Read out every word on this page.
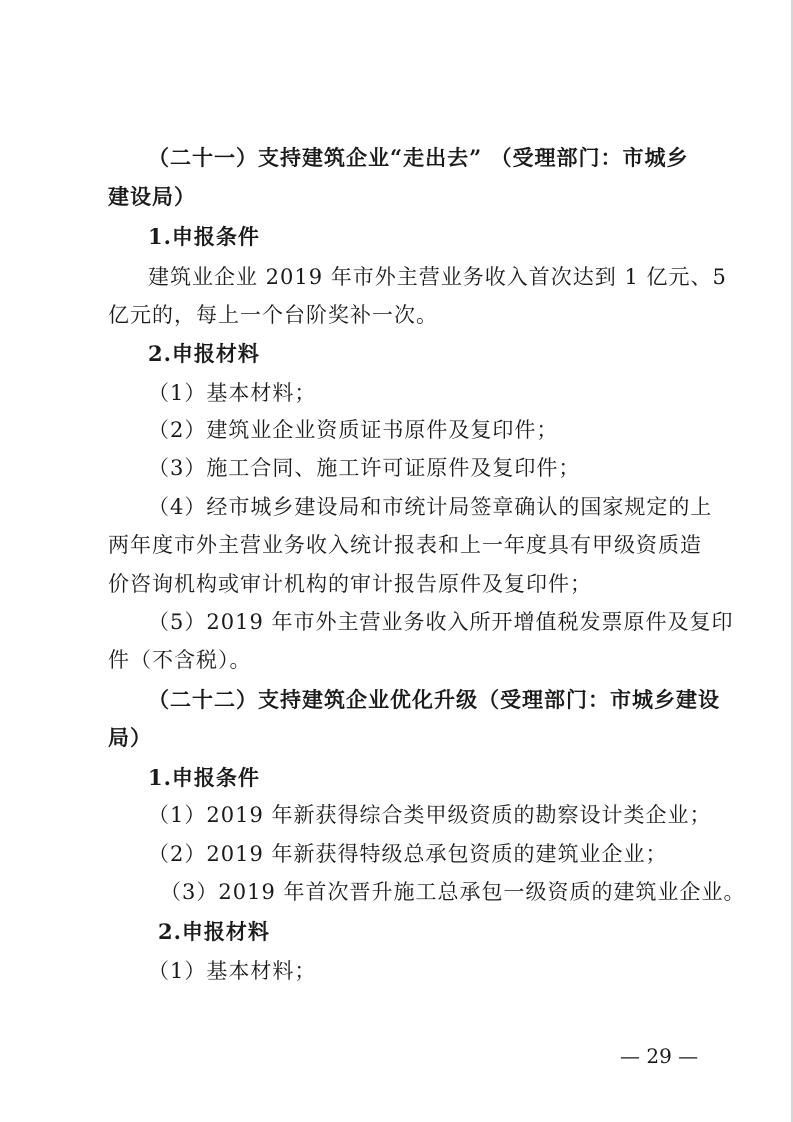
（二十一）支持建筑企业“走出去” （受理部门：市城乡
建设局）
1.申报条件
建筑业企业 2019 年市外主营业务收入首次达到 1 亿元、5
亿元的，每上一个台阶奖补一次。
2.申报材料
（1）基本材料；
（2）建筑业企业资质证书原件及复印件；
（3）施工合同、施工许可证原件及复印件；
（4）经市城乡建设局和市统计局签章确认的国家规定的上
两年度市外主营业务收入统计报表和上一年度具有甲级资质造
价咨询机构或审计机构的审计报告原件及复印件；
（5）2019 年市外主营业务收入所开增值税发票原件及复印
件（不含税）。
（二十二）支持建筑企业优化升级（受理部门：市城乡建设
局）
1.申报条件
（1）2019 年新获得综合类甲级资质的勘察设计类企业；
（2）2019 年新获得特级总承包资质的建筑业企业；
（3）2019 年首次晋升施工总承包一级资质的建筑业企业。
2.申报材料
（1）基本材料；
— 29 —
